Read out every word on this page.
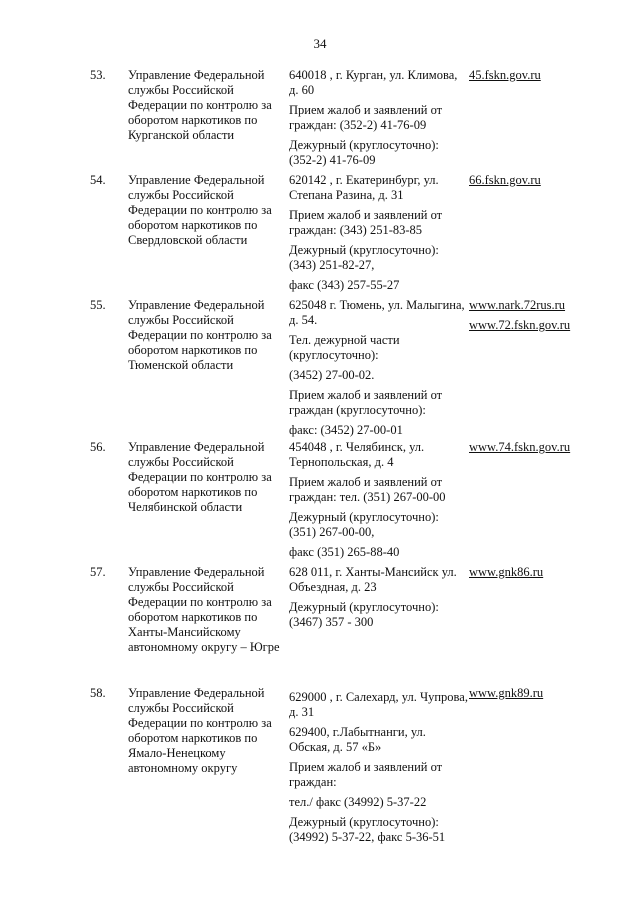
34
53. Управление Федеральной службы Российской Федерации по контролю за оборотом наркотиков по Курганской области

640018 , г. Курган, ул. Климова, д. 60

Прием жалоб и заявлений от граждан: (352-2) 41-76-09

Дежурный (круглосуточно): (352-2) 41-76-09

45.fskn.gov.ru
54. Управление Федеральной службы Российской Федерации по контролю за оборотом наркотиков по Свердловской области

620142 , г. Екатеринбург, ул. Степана Разина, д. 31

Прием жалоб и заявлений от граждан: (343) 251-83-85

Дежурный (круглосуточно): (343) 251-82-27,

факс (343) 257-55-27

66.fskn.gov.ru
55. Управление Федеральной службы Российской Федерации по контролю за оборотом наркотиков по Тюменской области

625048 г. Тюмень, ул. Малыгина, д. 54.

Тел. дежурной части (круглосуточно):

(3452) 27-00-02.

Прием жалоб и заявлений от граждан (круглосуточно):

факс: (3452) 27-00-01

www.nark.72rus.ru
www.72.fskn.gov.ru
56. Управление Федеральной службы Российской Федерации по контролю за оборотом наркотиков по Челябинской области

454048 , г. Челябинск, ул. Тернопольская, д. 4

Прием жалоб и заявлений от граждан: тел. (351) 267-00-00

Дежурный (круглосуточно): (351) 267-00-00,

факс (351) 265-88-40

www.74.fskn.gov.ru
57. Управление Федеральной службы Российской Федерации по контролю за оборотом наркотиков по Ханты-Мансийскому автономному округу – Югре

628 011, г. Ханты-Мансийск ул. Объездная, д. 23

Дежурный (круглосуточно): (3467) 357 - 300

www.gnk86.ru
58. Управление Федеральной службы Российской Федерации по контролю за оборотом наркотиков по Ямало-Ненецкому автономному округу

629000 , г. Салехард, ул. Чупрова, д. 31

629400, г.Лабытнанги, ул. Обская, д. 57 «Б»

Прием жалоб и заявлений от граждан:

тел./ факс (34992) 5-37-22

Дежурный (круглосуточно): (34992) 5-37-22, факс 5-36-51

www.gnk89.ru
